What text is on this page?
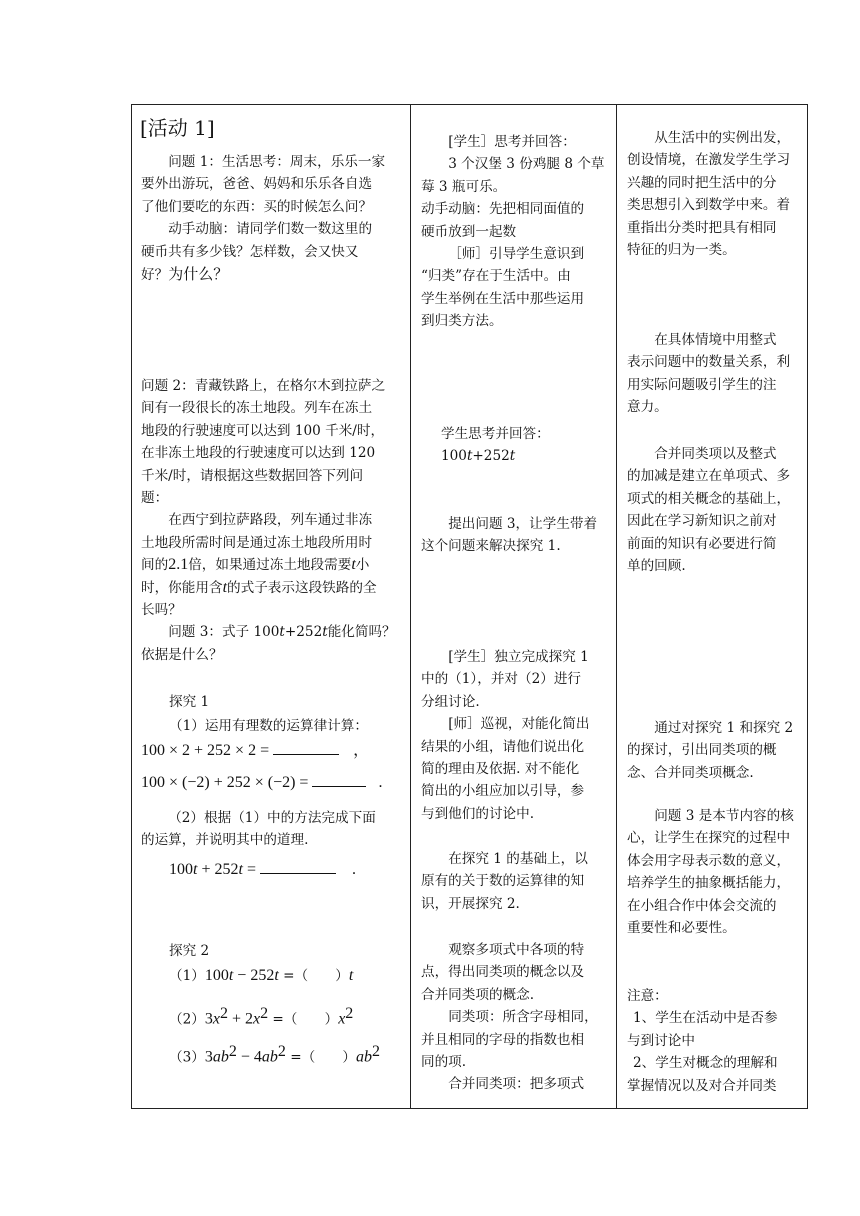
[活动 1]
问题 1：生活思考：周末，乐乐一家
要外出游玩，爸爸、妈妈和乐乐各自选
了他们要吃的东西：买的时候怎么问？
动手动脑：请同学们数一数这里的
硬币共有多少钱？怎样数，会又快又
好？为什么？
问题 2：青藏铁路上，在格尔木到拉萨之
间有一段很长的冻土地段。列车在冻土
地段的行驶速度可以达到 100 千米/时，
在非冻土地段的行驶速度可以达到 120
千米/时，请根据这些数据回答下列问
题：
在西宁到拉萨路段，列车通过非冻
土地段所需时间是通过冻土地段所用时
间的2.1倍，如果通过冻土地段需要t小
时，你能用含t的式子表示这段铁路的全
长吗？
问题 3：式子 100t+252t能化简吗？
依据是什么？
探究 1
（1）运用有理数的运算律计算：
100 × 2 + 252 × 2 =	，
100 × (−2) + 252 × (−2) =	.
（2）根据（1）中的方法完成下面
的运算，并说明其中的道理.
100t + 252t =	.
探究 2
（1）100t − 252t =（　　）t
$(2)3x^2 + 2x^2$ =（　　）$x^2$
$(3)3ab^2 - 4ab^2$ =（　　）$ab^2$

[学生］思考并回答：
3 个汉堡 3 份鸡腿 8 个草
莓 3 瓶可乐。
动手动脑：先把相同面值的
硬币放到一起数
［师］引导学生意识到
“归类”存在于生活中。由
学生举例在生活中那些运用
到归类方法。
学生思考并回答：
100t+252t
提出问题 3，让学生带着
这个问题来解决探究 1.
[学生］独立完成探究 1
中的（1），并对（2）进行
分组讨论.
[师］巡视，对能化简出
结果的小组，请他们说出化
简的理由及依据. 对不能化
简出的小组应加以引导，参
与到他们的讨论中.
在探究 1 的基础上，以
原有的关于数的运算律的知
识，开展探究 2.
观察多项式中各项的特
点，得出同类项的概念以及
合并同类项的概念.
同类项：所含字母相同，
并且相同的字母的指数也相
同的项.
合并同类项：把多项式

从生活中的实例出发，
创设情境，在激发学生学习
兴趣的同时把生活中的分
类思想引入到数学中来。着
重指出分类时把具有相同
特征的归为一类。
在具体情境中用整式
表示问题中的数量关系，利
用实际问题吸引学生的注
意力。
合并同类项以及整式
的加减是建立在单项式、多
项式的相关概念的基础上，
因此在学习新知识之前对
前面的知识有必要进行简
单的回顾.
通过对探究 1 和探究 2
的探讨，引出同类项的概
念、合并同类项概念.
问题 3 是本节内容的核
心，让学生在探究的过程中
体会用字母表示数的意义，
培养学生的抽象概括能力，
在小组合作中体会交流的
重要性和必要性。
注意：
1、学生在活动中是否参
与到讨论中
2、学生对概念的理解和
掌握情况以及对合并同类
